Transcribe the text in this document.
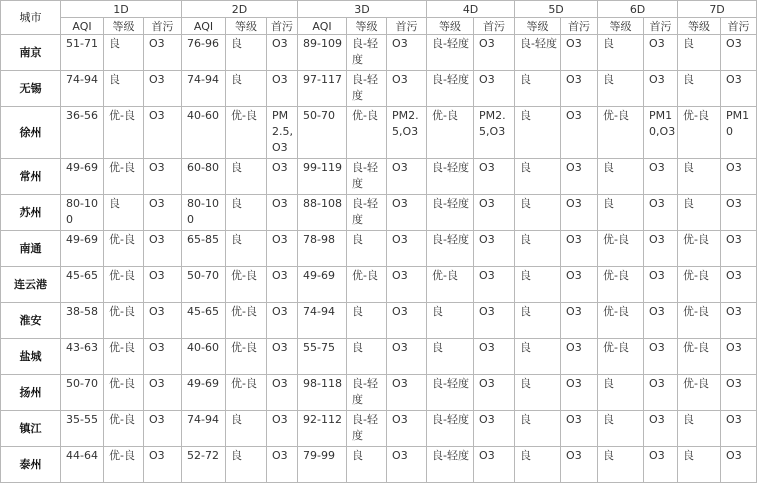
城市	1D			2D			3D			4D		5D		6D		7D	
	AQI	等级	首污	AQI	等级	首污	AQI	等级	首污	等级	首污	等级	首污	等级	首污	等级	首污
南京	51-71	良	O3	76-96	良	O3	89-109	良-轻度	O3	良-轻度	O3	良-轻度	O3	良	O3	良	O3
无锡	74-94	良	O3	74-94	良	O3	97-117	良-轻度	O3	良-轻度	O3	良	O3	良	O3	良	O3
徐州	36-56	优-良	O3	40-60	优-良	PM2.5,O3	50-70	优-良	PM2.5,O3	优-良	PM2.5,O3	良	O3	优-良	PM10,O3	优-良	PM10
常州	49-69	优-良	O3	60-80	良	O3	99-119	良-轻度	O3	良-轻度	O3	良	O3	良	O3	良	O3
苏州	80-100	良	O3	80-100	良	O3	88-108	良-轻度	O3	良-轻度	O3	良	O3	良	O3	良	O3
南通	49-69	优-良	O3	65-85	良	O3	78-98	良	O3	良-轻度	O3	良	O3	优-良	O3	优-良	O3
连云港	45-65	优-良	O3	50-70	优-良	O3	49-69	优-良	O3	优-良	O3	良	O3	优-良	O3	优-良	O3
淮安	38-58	优-良	O3	45-65	优-良	O3	74-94	良	O3	良	O3	良	O3	优-良	O3	优-良	O3
盐城	43-63	优-良	O3	40-60	优-良	O3	55-75	良	O3	良	O3	良	O3	优-良	O3	优-良	O3
扬州	50-70	优-良	O3	49-69	优-良	O3	98-118	良-轻度	O3	良-轻度	O3	良	O3	良	O3	优-良	O3
镇江	35-55	优-良	O3	74-94	良	O3	92-112	良-轻度	O3	良-轻度	O3	良	O3	良	O3	良	O3
泰州	44-64	优-良	O3	52-72	良	O3	79-99	良	O3	良-轻度	O3	良	O3	良	O3	良	O3
